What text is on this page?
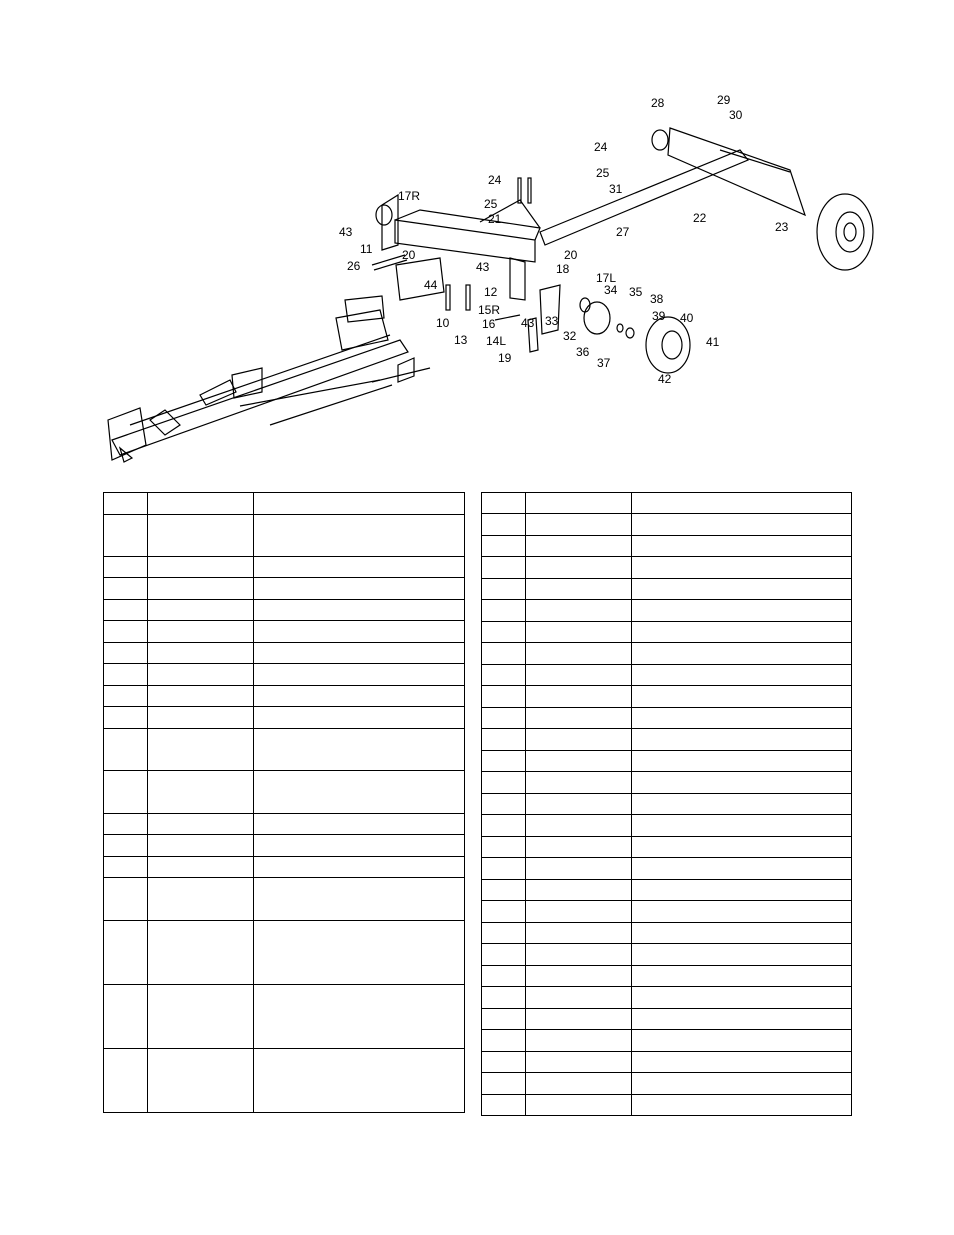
10
11
12
13 14L
15R
16
17L
17R
18
19
20	20
21	22
23
24
24
25
25
26
27
28	29
30
31
32
33
34 35
36
37
38
39 40
41
42
43
43
43
44
